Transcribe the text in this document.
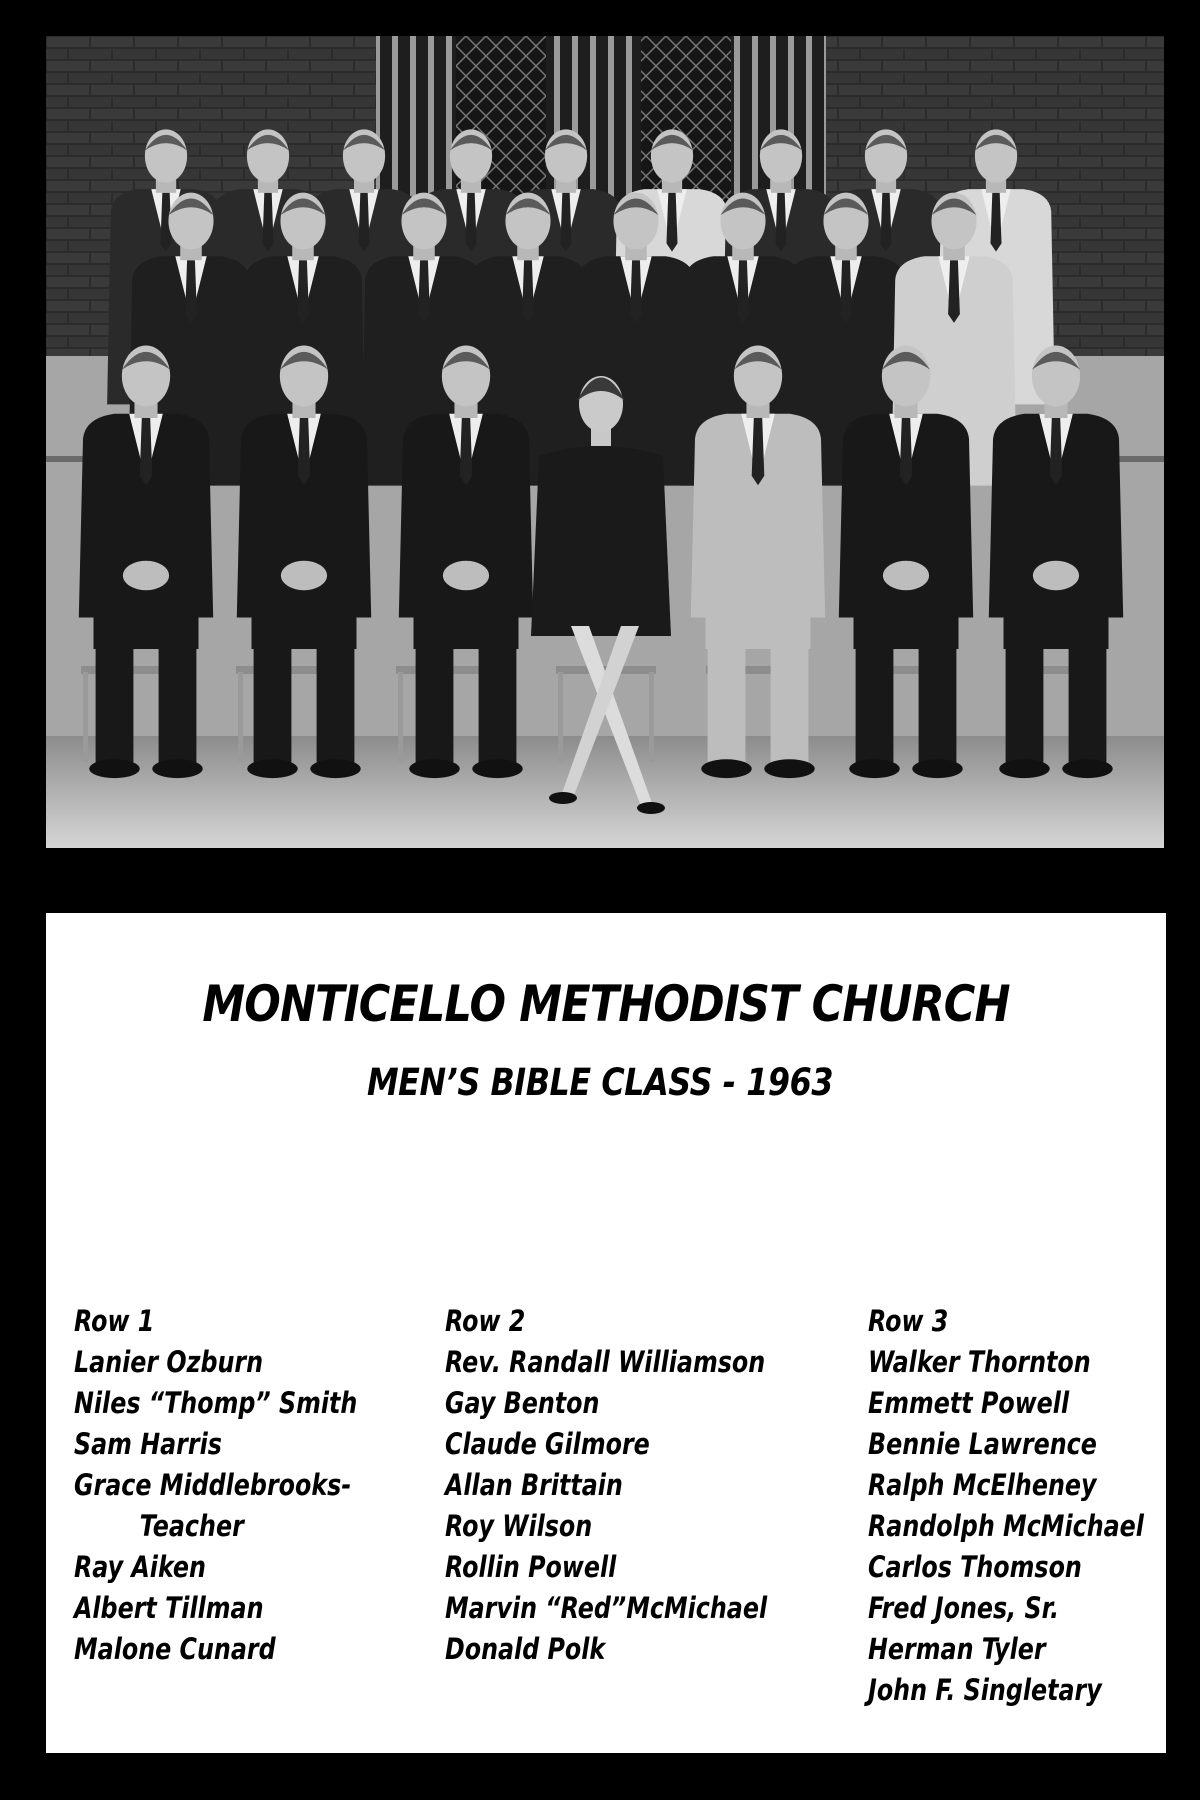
MONTICELLO METHODIST CHURCH
MEN’S BIBLE CLASS - 1963
Row 1
Lanier Ozburn
Niles “Thomp” Smith
Sam Harris
Grace Middlebrooks-
Teacher
Ray Aiken
Albert Tillman
Malone Cunard
Row 2
Rev. Randall Williamson
Gay Benton
Claude Gilmore
Allan Brittain
Roy Wilson
Rollin Powell
Marvin “Red”McMichael
Donald Polk
Row 3
Walker Thornton
Emmett Powell
Bennie Lawrence
Ralph McElheney
Randolph McMichael
Carlos Thomson
Fred Jones, Sr.
Herman Tyler
John F. Singletary
